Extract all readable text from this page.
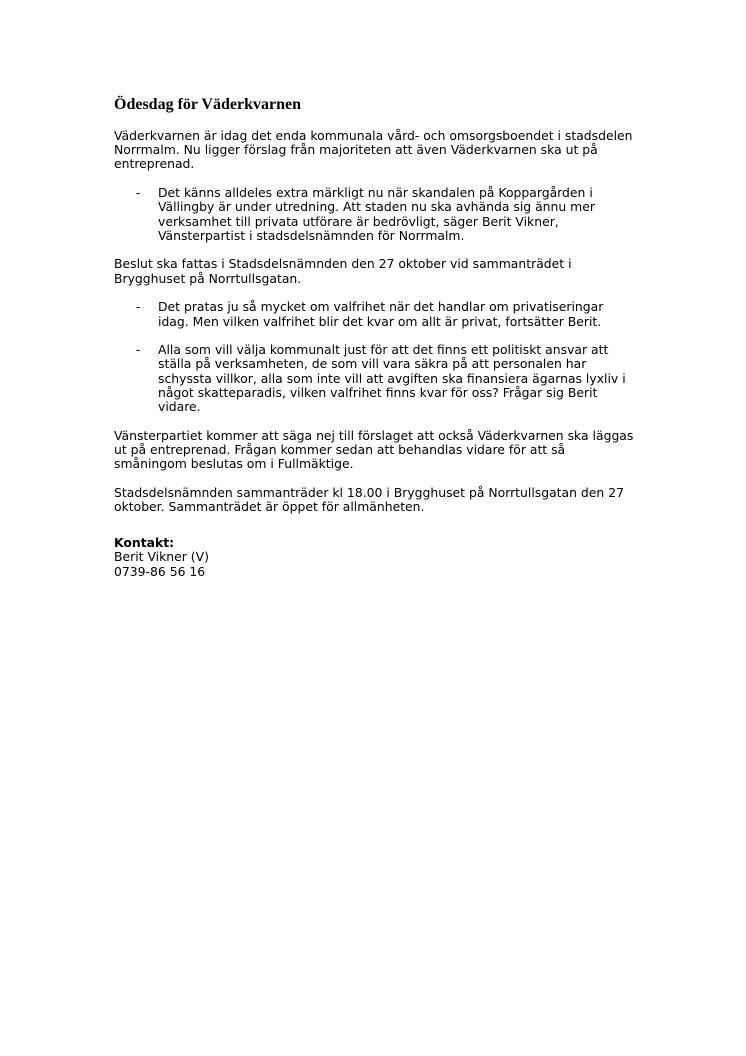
Ödesdag för Väderkvarnen

Väderkvarnen är idag det enda kommunala vård- och omsorgsboendet i stadsdelen Norrmalm. Nu ligger förslag från majoriteten att även Väderkvarnen ska ut på entreprenad.

-	Det känns alldeles extra märkligt nu när skandalen på Koppargården i Vällingby är under utredning. Att staden nu ska avhända sig ännu mer verksamhet till privata utförare är bedrövligt, säger Berit Vikner, Vänsterpartist i stadsdelsnämnden för Norrmalm.

Beslut ska fattas i Stadsdelsnämnden den 27 oktober vid sammanträdet i Brygghuset på Norrtullsgatan.

-	Det pratas ju så mycket om valfrihet när det handlar om privatiseringar idag. Men vilken valfrihet blir det kvar om allt är privat, fortsätter Berit.
-	Alla som vill välja kommunalt just för att det finns ett politiskt ansvar att ställa på verksamheten, de som vill vara säkra på att personalen har schyssta villkor, alla som inte vill att avgiften ska finansiera ägarnas lyxliv i något skatteparadis, vilken valfrihet finns kvar för oss? Frågar sig Berit vidare.

Vänsterpartiet kommer att säga nej till förslaget att också Väderkvarnen ska läggas ut på entreprenad. Frågan kommer sedan att behandlas vidare för att så småningom beslutas om i Fullmäktige.

Stadsdelsnämnden sammanträder kl 18.00 i Brygghuset på Norrtullsgatan den 27 oktober. Sammanträdet är öppet för allmänheten.

Kontakt:
Berit Vikner (V)
0739-86 56 16
